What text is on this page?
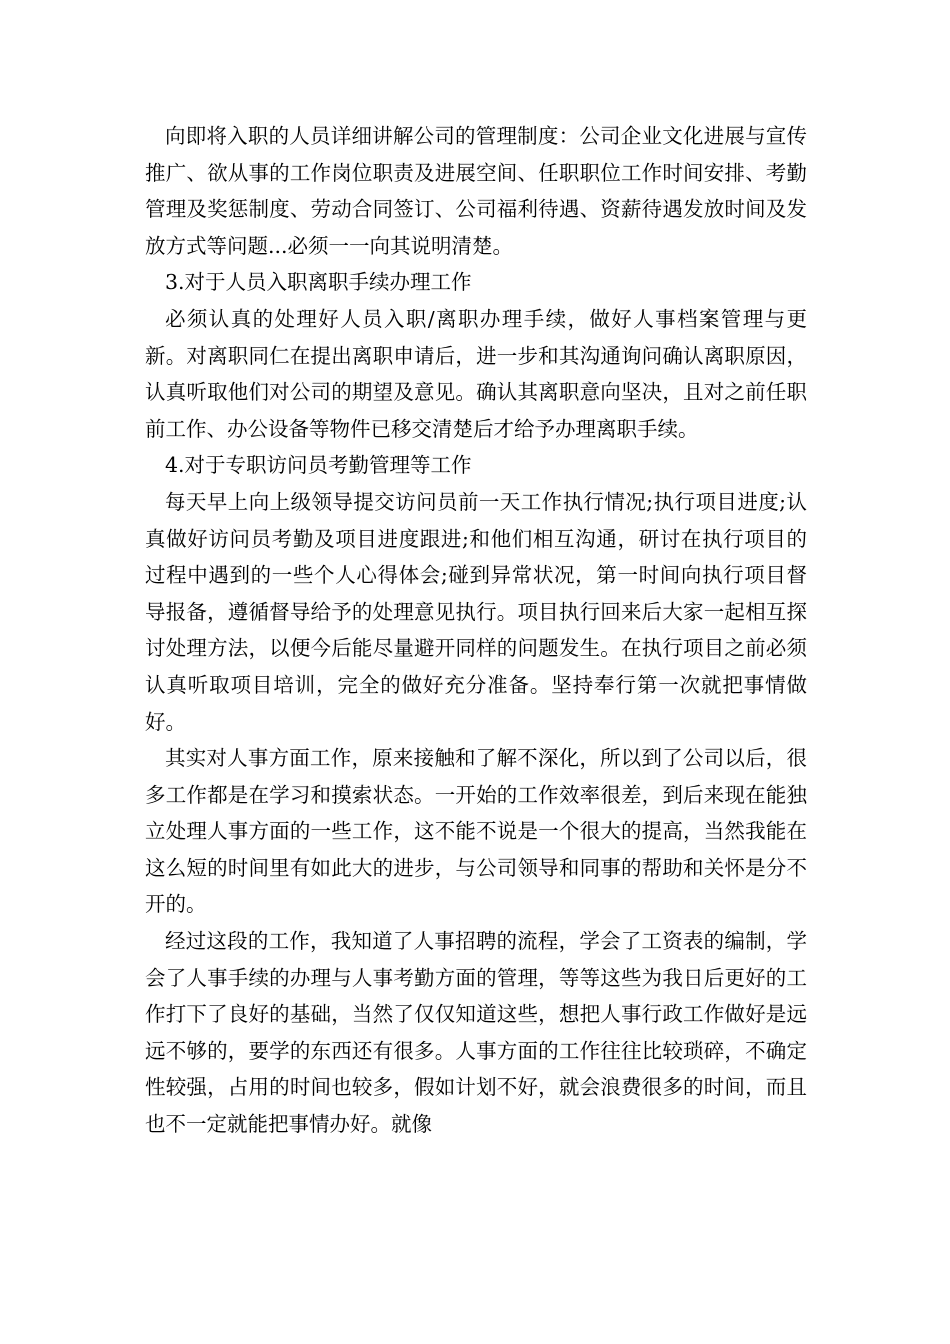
向即将入职的人员详细讲解公司的管理制度：公司企业文化进展与宣传推广、欲从事的工作岗位职责及进展空间、任职职位工作时间安排、考勤管理及奖惩制度、劳动合同签订、公司福利待遇、资薪待遇发放时间及发放方式等问题...必须一一向其说明清楚。

3.对于人员入职离职手续办理工作

必须认真的处理好人员入职/离职办理手续，做好人事档案管理与更新。对离职同仁在提出离职申请后，进一步和其沟通询问确认离职原因，认真听取他们对公司的期望及意见。确认其离职意向坚决，且对之前任职前工作、办公设备等物件已移交清楚后才给予办理离职手续。

4.对于专职访问员考勤管理等工作

每天早上向上级领导提交访问员前一天工作执行情况;执行项目进度;认真做好访问员考勤及项目进度跟进;和他们相互沟通，研讨在执行项目的过程中遇到的一些个人心得体会;碰到异常状况，第一时间向执行项目督导报备，遵循督导给予的处理意见执行。项目执行回来后大家一起相互探讨处理方法，以便今后能尽量避开同样的问题发生。在执行项目之前必须认真听取项目培训，完全的做好充分准备。坚持奉行第一次就把事情做好。

其实对人事方面工作，原来接触和了解不深化，所以到了公司以后，很多工作都是在学习和摸索状态。一开始的工作效率很差，到后来现在能独立处理人事方面的一些工作，这不能不说是一个很大的提高，当然我能在这么短的时间里有如此大的进步，与公司领导和同事的帮助和关怀是分不开的。

经过这段的工作，我知道了人事招聘的流程，学会了工资表的编制，学会了人事手续的办理与人事考勤方面的管理，等等这些为我日后更好的工作打下了良好的基础，当然了仅仅知道这些，想把人事行政工作做好是远远不够的，要学的东西还有很多。人事方面的工作往往比较琐碎，不确定性较强，占用的时间也较多，假如计划不好，就会浪费很多的时间，而且也不一定就能把事情办好。就像
